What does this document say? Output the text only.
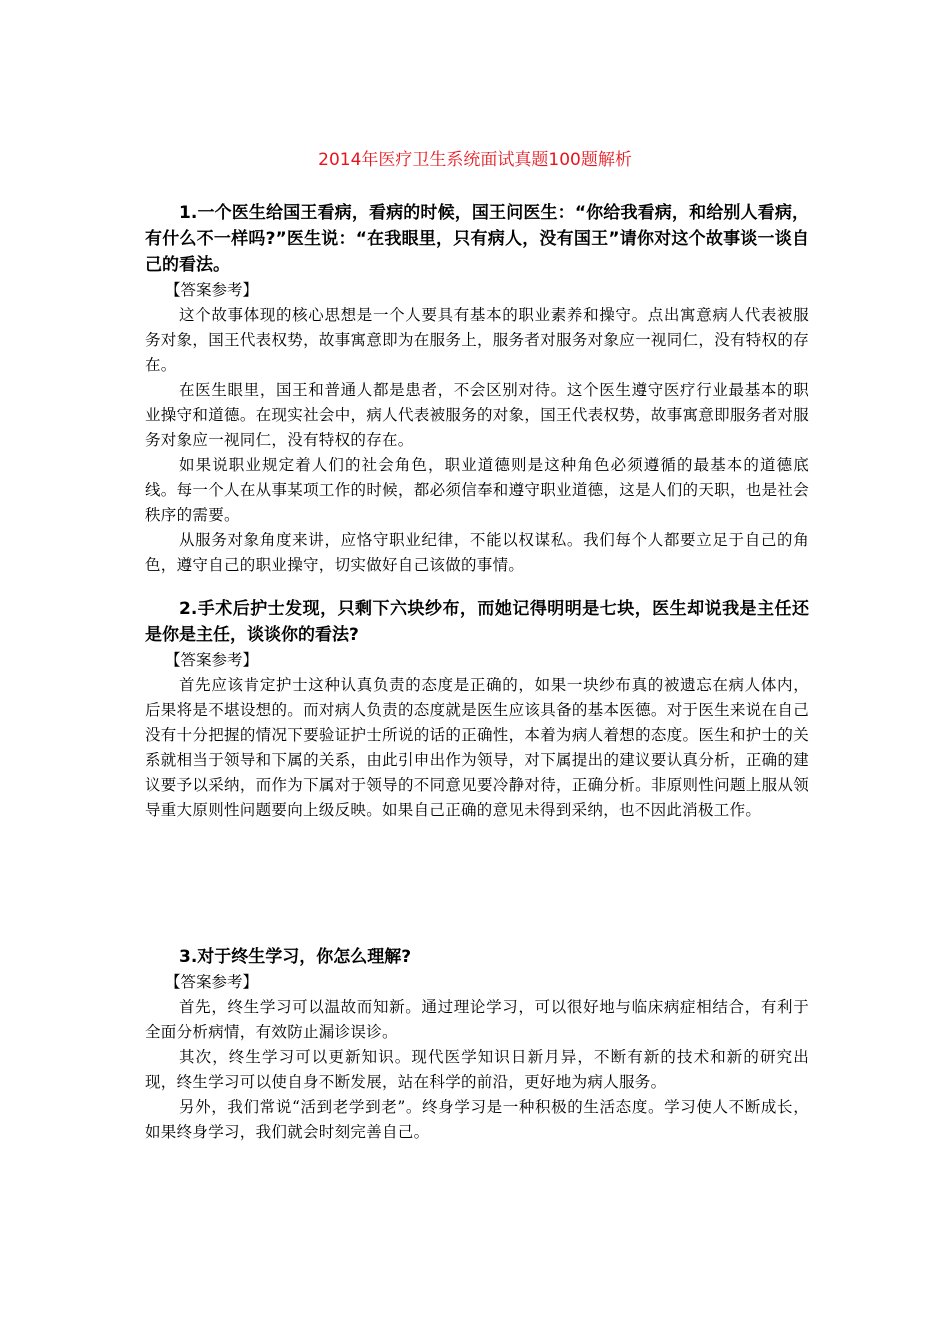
2014年医疗卫生系统面试真题100题解析

1.一个医生给国王看病，看病的时候，国王问医生：“你给我看病，和给别人看病，有什么不一样吗?”医生说：“在我眼里，只有病人，没有国王”请你对这个故事谈一谈自己的看法。

【答案参考】

这个故事体现的核心思想是一个人要具有基本的职业素养和操守。点出寓意病人代表被服务对象，国王代表权势，故事寓意即为在服务上，服务者对服务对象应一视同仁，没有特权的存在。

在医生眼里，国王和普通人都是患者，不会区别对待。这个医生遵守医疗行业最基本的职业操守和道德。在现实社会中，病人代表被服务的对象，国王代表权势，故事寓意即服务者对服务对象应一视同仁，没有特权的存在。

如果说职业规定着人们的社会角色，职业道德则是这种角色必须遵循的最基本的道德底线。每一个人在从事某项工作的时候，都必须信奉和遵守职业道德，这是人们的天职，也是社会秩序的需要。

从服务对象角度来讲，应恪守职业纪律，不能以权谋私。我们每个人都要立足于自己的角色，遵守自己的职业操守，切实做好自己该做的事情。

2.手术后护士发现，只剩下六块纱布，而她记得明明是七块，医生却说我是主任还是你是主任，谈谈你的看法?

【答案参考】

首先应该肯定护士这种认真负责的态度是正确的，如果一块纱布真的被遗忘在病人体内，后果将是不堪设想的。而对病人负责的态度就是医生应该具备的基本医德。对于医生来说在自己没有十分把握的情况下要验证护士所说的话的正确性，本着为病人着想的态度。医生和护士的关系就相当于领导和下属的关系，由此引申出作为领导，对下属提出的建议要认真分析，正确的建议要予以采纳，而作为下属对于领导的不同意见要冷静对待，正确分析。非原则性问题上服从领导重大原则性问题要向上级反映。如果自己正确的意见未得到采纳，也不因此消极工作。

3.对于终生学习，你怎么理解?

【答案参考】

首先，终生学习可以温故而知新。通过理论学习，可以很好地与临床病症相结合，有利于全面分析病情，有效防止漏诊误诊。

其次，终生学习可以更新知识。现代医学知识日新月异，不断有新的技术和新的研究出现，终生学习可以使自身不断发展，站在科学的前沿，更好地为病人服务。

另外，我们常说“活到老学到老”。终身学习是一种积极的生活态度。学习使人不断成长，如果终身学习，我们就会时刻完善自己。
